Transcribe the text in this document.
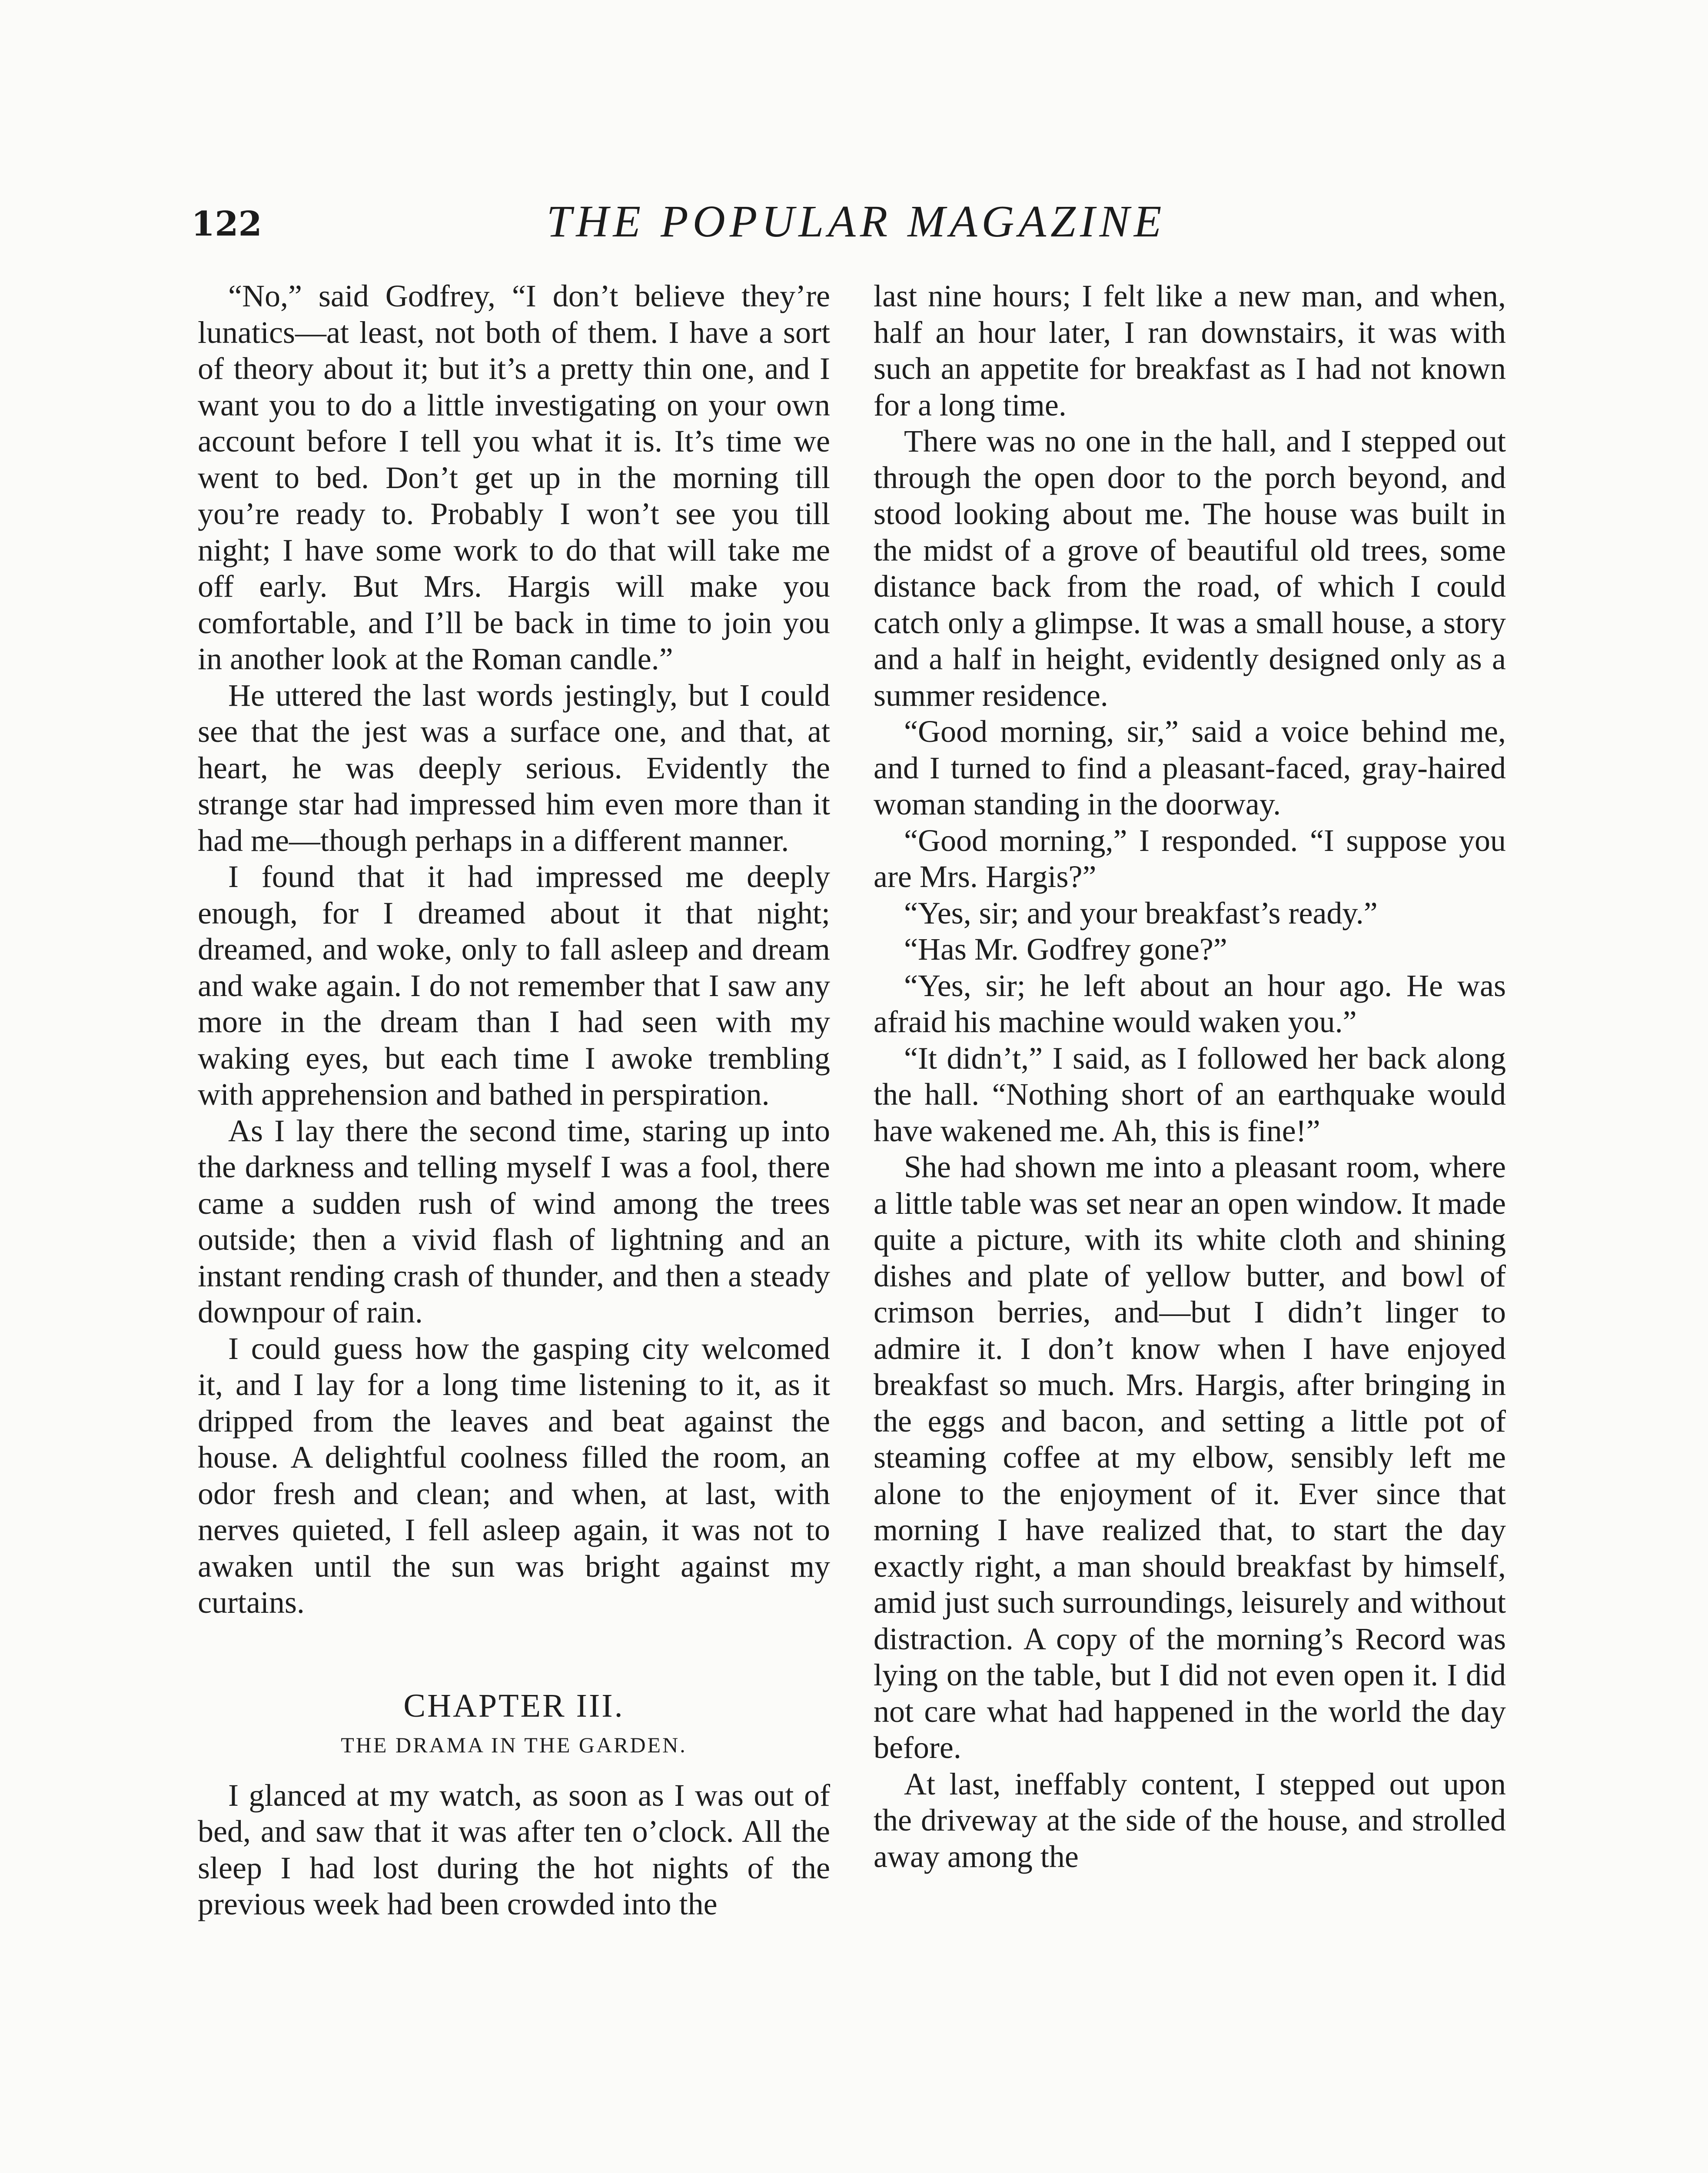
122	THE POPULAR MAGAZINE

“No,” said Godfrey, “I don’t believe they’re lunatics—at least, not both of them. I have a sort of theory about it; but it’s a pretty thin one, and I want you to do a little investigating on your own account before I tell you what it is. It’s time we went to bed. Don’t get up in the morning till you’re ready to. Probably I won’t see you till night; I have some work to do that will take me off early. But Mrs. Hargis will make you comfortable, and I’ll be back in time to join you in another look at the Roman candle.”

He uttered the last words jestingly, but I could see that the jest was a surface one, and that, at heart, he was deeply serious. Evidently the strange star had impressed him even more than it had me—though perhaps in a different manner.

I found that it had impressed me deeply enough, for I dreamed about it that night; dreamed, and woke, only to fall asleep and dream and wake again. I do not remember that I saw any more in the dream than I had seen with my waking eyes, but each time I awoke trembling with apprehension and bathed in perspiration.

As I lay there the second time, staring up into the darkness and telling myself I was a fool, there came a sudden rush of wind among the trees outside; then a vivid flash of lightning and an instant rending crash of thunder, and then a steady downpour of rain.

I could guess how the gasping city welcomed it, and I lay for a long time listening to it, as it dripped from the leaves and beat against the house. A delightful coolness filled the room, an odor fresh and clean; and when, at last, with nerves quieted, I fell asleep again, it was not to awaken until the sun was bright against my curtains.

CHAPTER III.
THE DRAMA IN THE GARDEN.

I glanced at my watch, as soon as I was out of bed, and saw that it was after ten o’clock. All the sleep I had lost during the hot nights of the previous week had been crowded into the

last nine hours; I felt like a new man, and when, half an hour later, I ran downstairs, it was with such an appetite for breakfast as I had not known for a long time.

There was no one in the hall, and I stepped out through the open door to the porch beyond, and stood looking about me. The house was built in the midst of a grove of beautiful old trees, some distance back from the road, of which I could catch only a glimpse. It was a small house, a story and a half in height, evidently designed only as a summer residence.

“Good morning, sir,” said a voice behind me, and I turned to find a pleasant-faced, gray-haired woman standing in the doorway.

“Good morning,” I responded. “I suppose you are Mrs. Hargis?”

“Yes, sir; and your breakfast’s ready.”

“Has Mr. Godfrey gone?”

“Yes, sir; he left about an hour ago. He was afraid his machine would waken you.”

“It didn’t,” I said, as I followed her back along the hall. “Nothing short of an earthquake would have wakened me. Ah, this is fine!”

She had shown me into a pleasant room, where a little table was set near an open window. It made quite a picture, with its white cloth and shining dishes and plate of yellow butter, and bowl of crimson berries, and—but I didn’t linger to admire it. I don’t know when I have enjoyed breakfast so much. Mrs. Hargis, after bringing in the eggs and bacon, and setting a little pot of steaming coffee at my elbow, sensibly left me alone to the enjoyment of it. Ever since that morning I have realized that, to start the day exactly right, a man should breakfast by himself, amid just such surroundings, leisurely and without distraction. A copy of the morning’s Record was lying on the table, but I did not even open it. I did not care what had happened in the world the day before.

At last, ineffably content, I stepped out upon the driveway at the side of the house, and strolled away among the
